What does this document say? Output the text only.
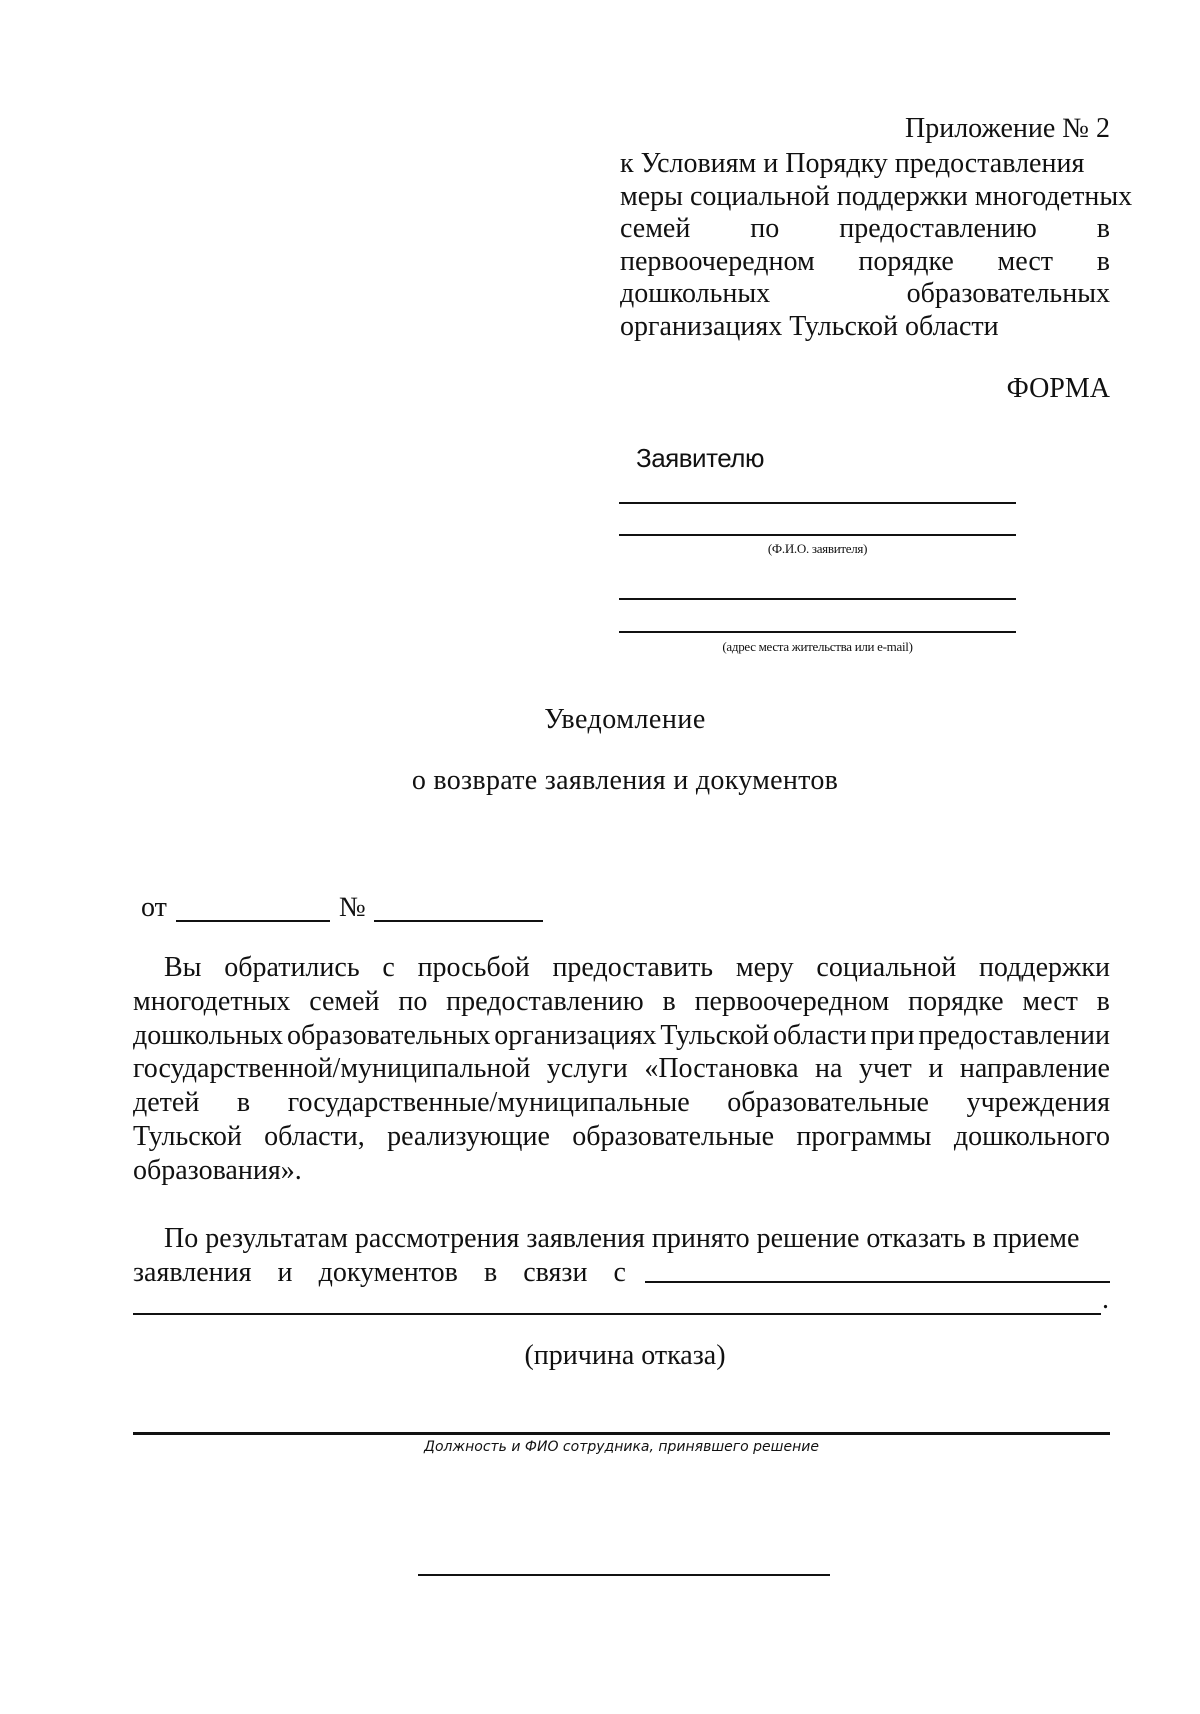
Приложение № 2
к Условиям и Порядку предоставления
меры социальной поддержки многодетных
семей по предоставлению в
первоочередном порядке мест в
дошкольных	образовательных
организациях Тульской области
ФОРМА
Заявителю
(Ф.И.О. заявителя)
(адрес места жительства или e-mail)
Уведомление
о возврате заявления и документов
от	№
Вы обратились с просьбой предоставить меру социальной поддержки
многодетных семей по предоставлению в первоочередном порядке мест в
дошкольных образовательных организациях Тульской области при предоставлении
государственной/муниципальной услуги «Постановка на учет и направление
детей в государственные/муниципальные образовательные учреждения
Тульской области, реализующие образовательные программы дошкольного
образования».
По результатам рассмотрения заявления принято решение отказать в приеме
заявления и документов в связи с
.
(причина отказа)
Должность и ФИО сотрудника, принявшего решение
